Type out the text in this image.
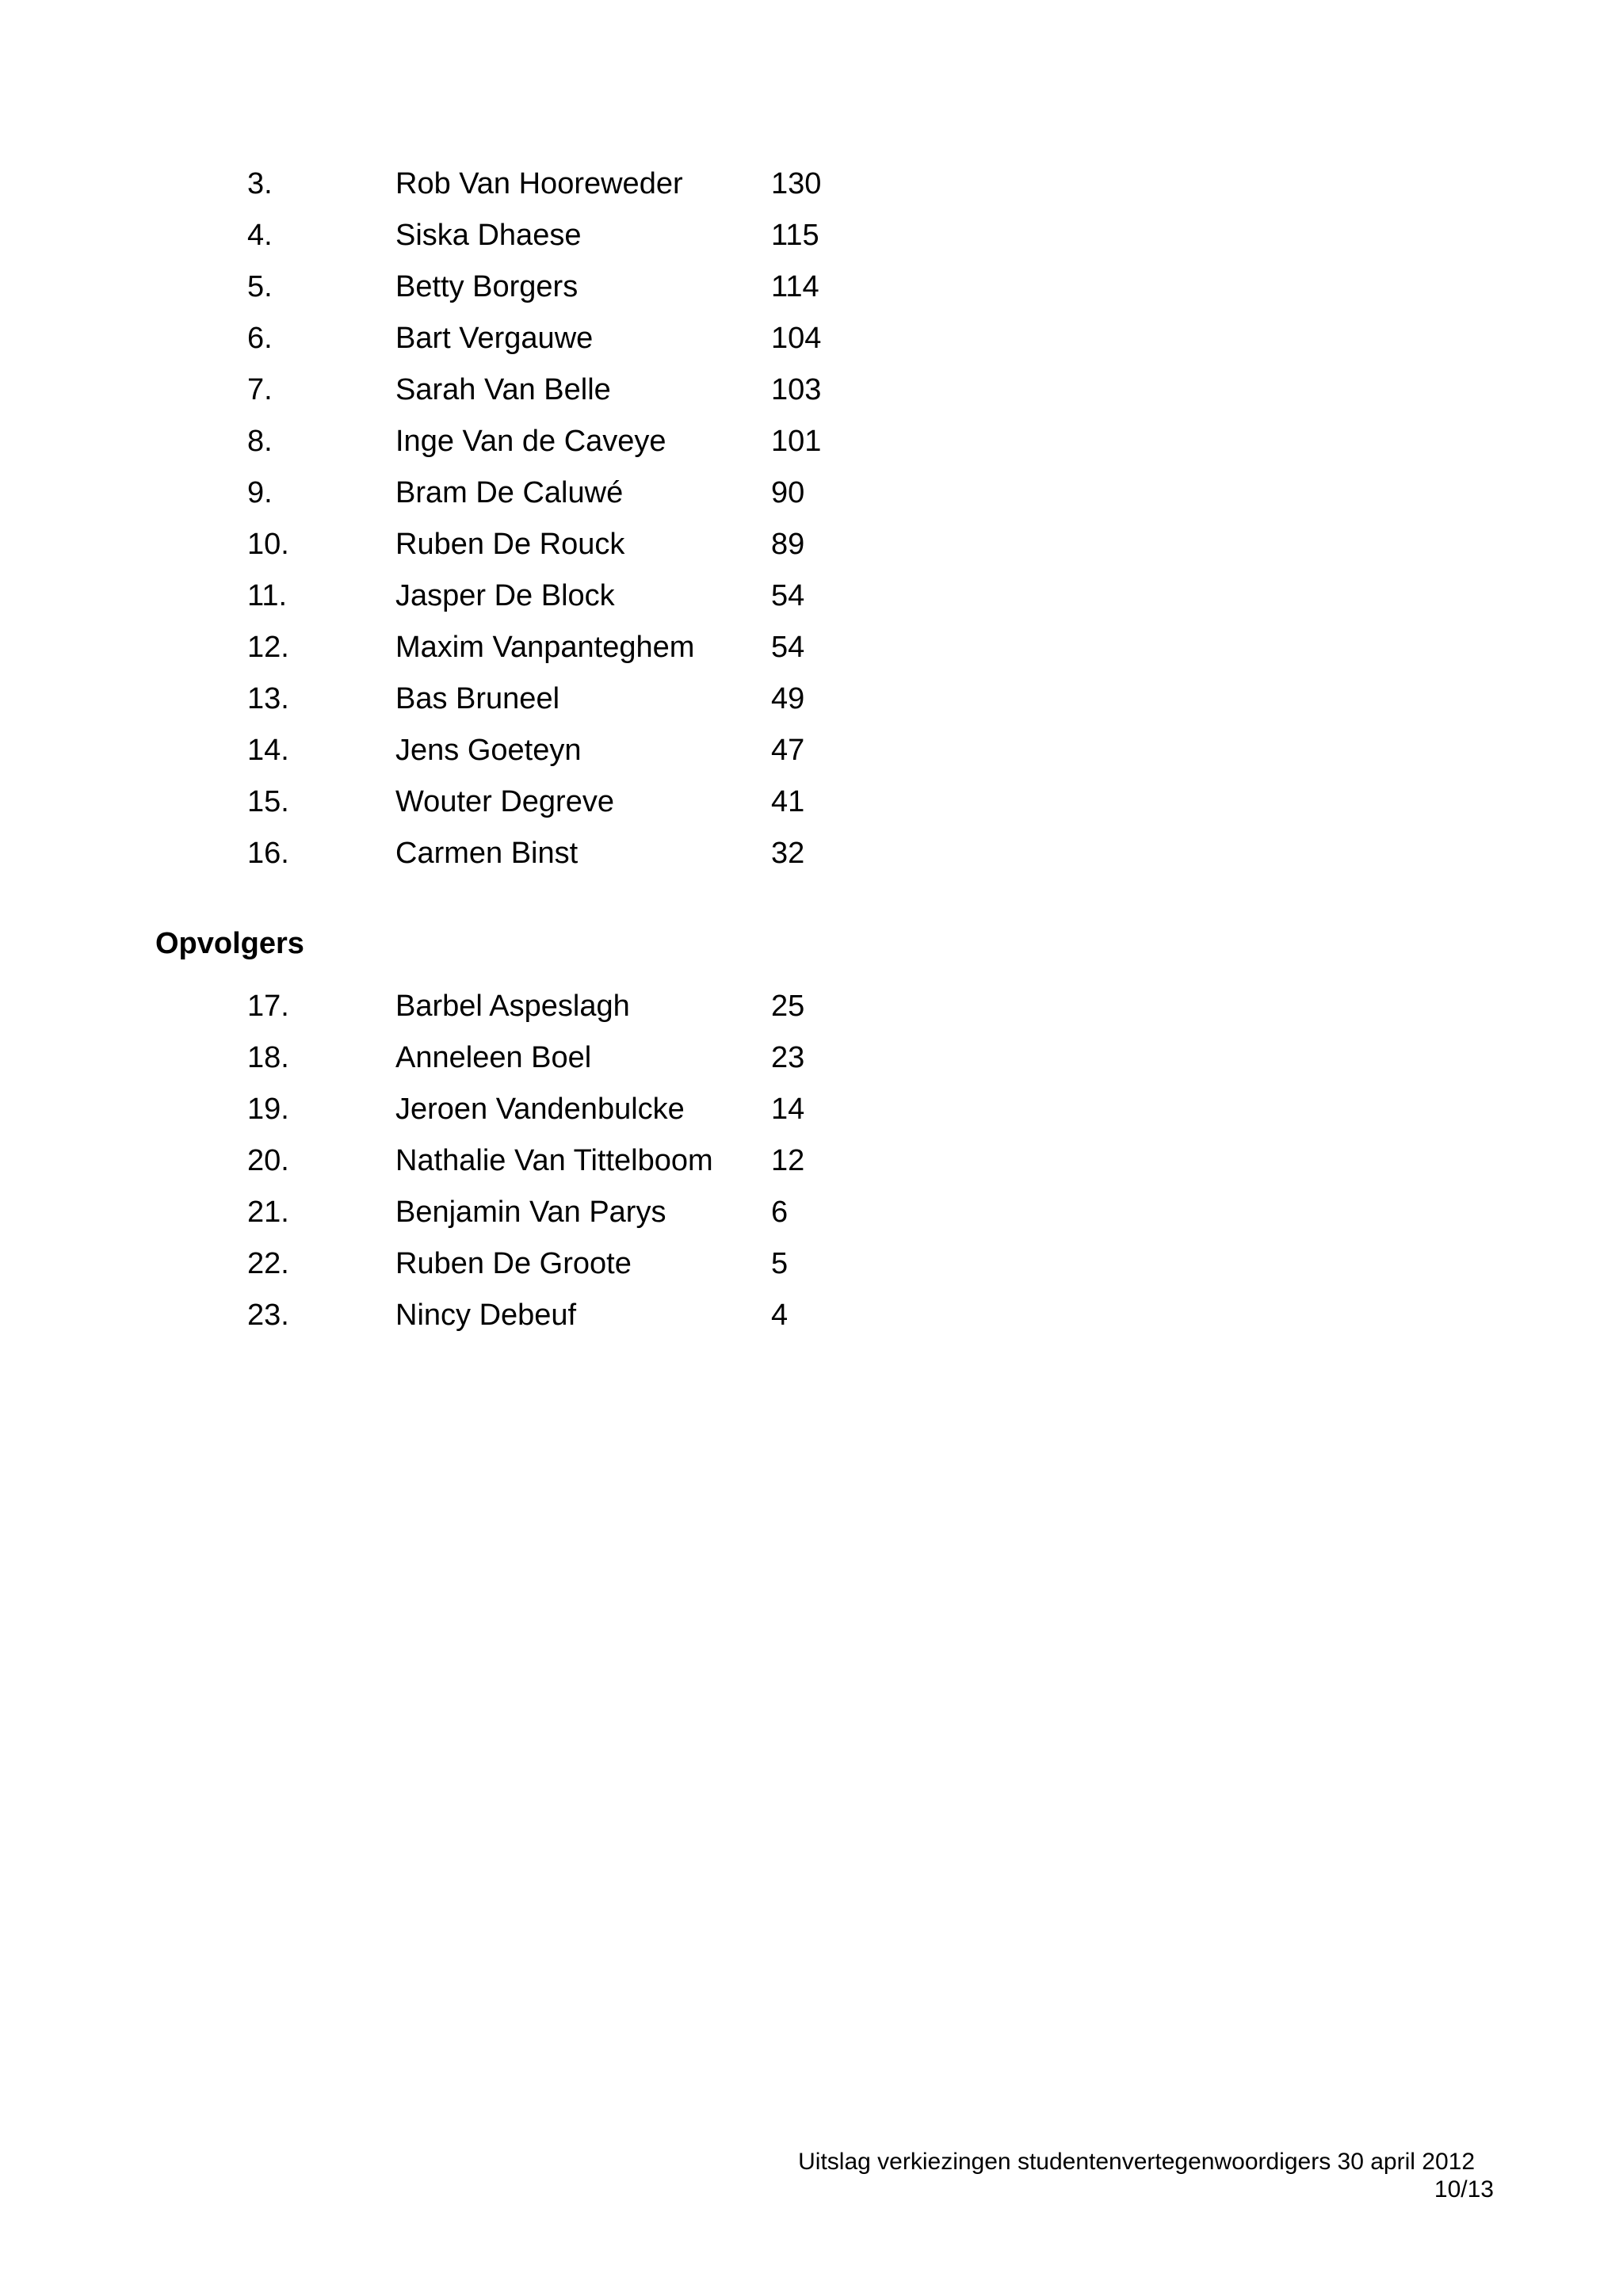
3.	Rob Van Hooreweder	130
4.	Siska Dhaese	115
5.	Betty Borgers	114
6.	Bart Vergauwe	104
7.	Sarah Van Belle	103
8.	Inge Van de Caveye	101
9.	Bram De Caluwé	90
10.	Ruben De Rouck	89
11.	Jasper De Block	54
12.	Maxim Vanpanteghem	54
13.	Bas Bruneel	49
14.	Jens Goeteyn	47
15.	Wouter Degreve	41
16.	Carmen Binst	32
Opvolgers
17.	Barbel Aspeslagh	25
18.	Anneleen Boel	23
19.	Jeroen Vandenbulcke	14
20.	Nathalie Van Tittelboom 12
21.	Benjamin Van Parys	6
22.	Ruben De Groote	5
23.	Nincy Debeuf	4
Uitslag verkiezingen studentenvertegenwoordigers 30 april 2012
10/13
